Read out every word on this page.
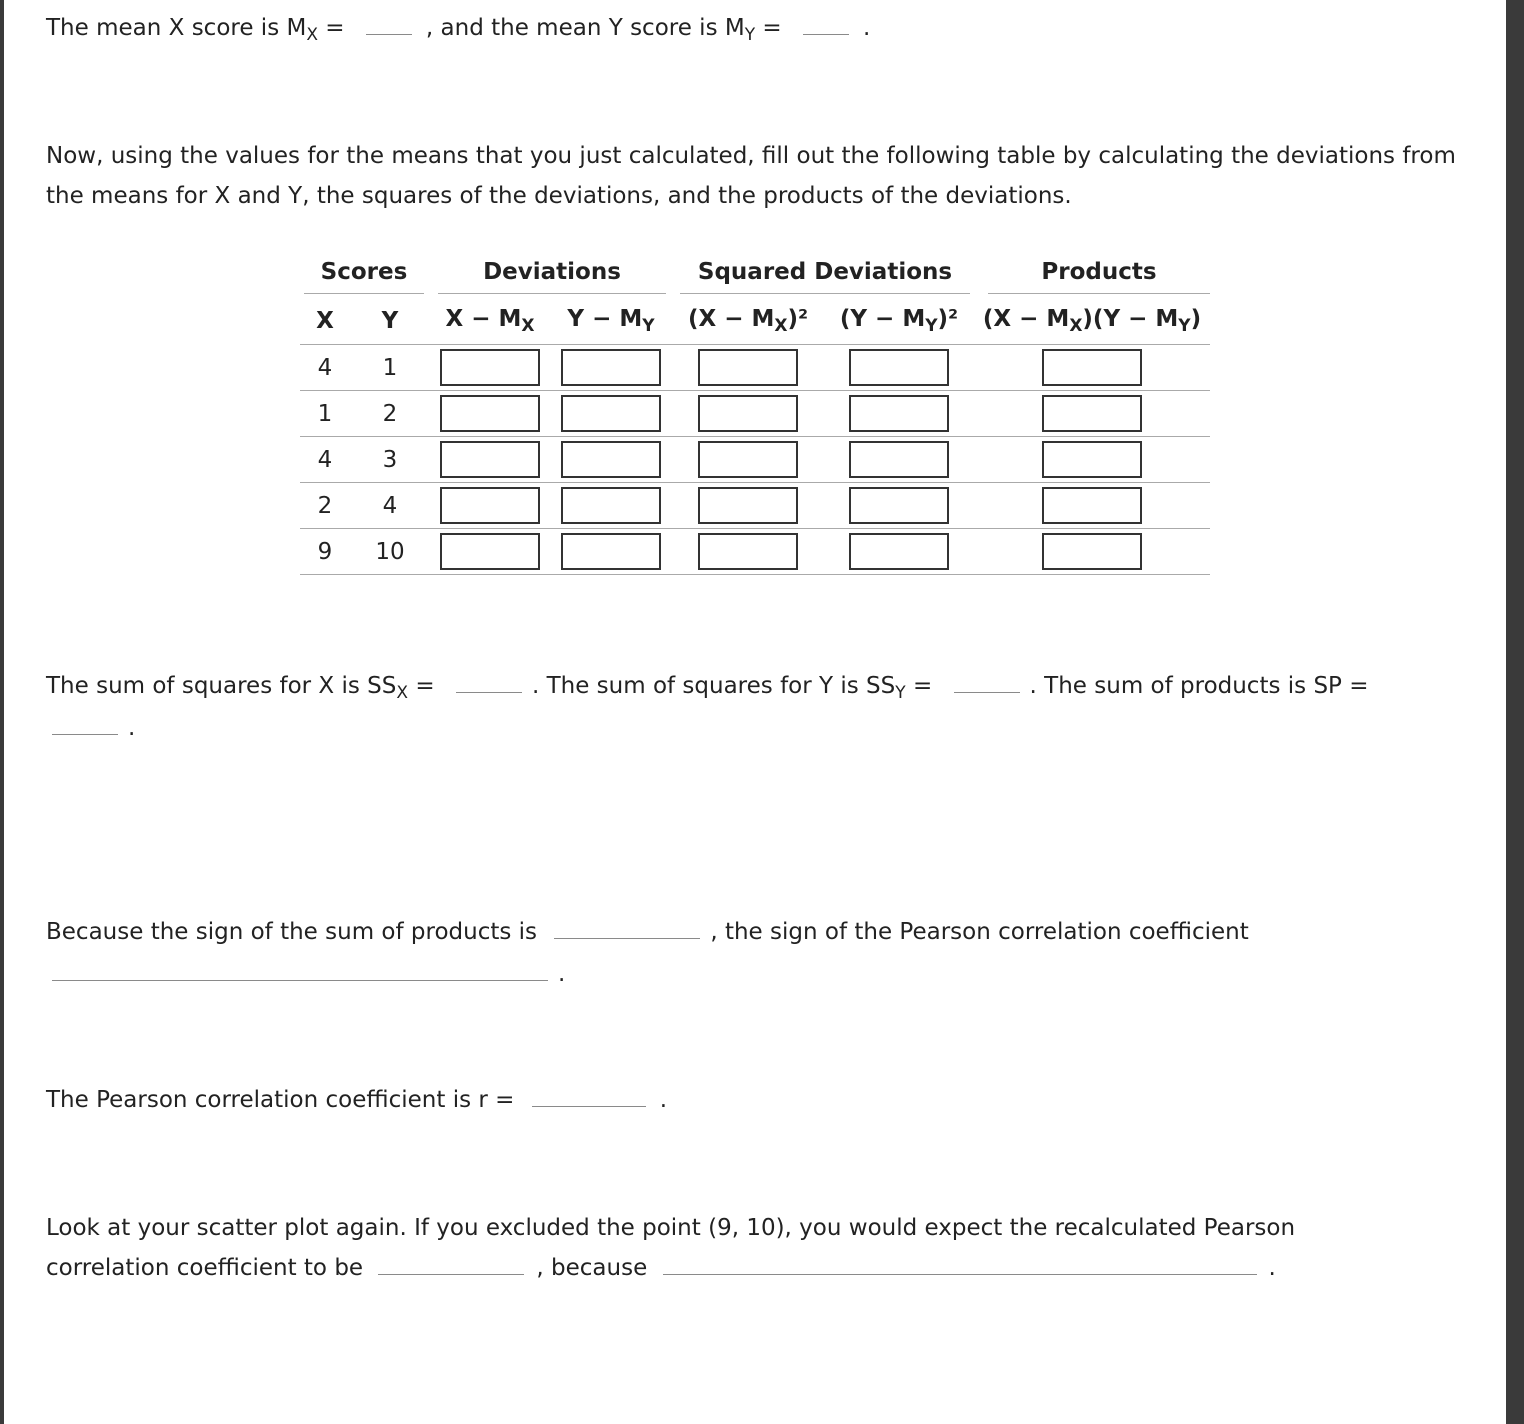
The mean X score is $M_X$ =	, and the mean Y score is $M_Y$ =	.
Now, using the values for the means that you just calculated, fill out the following table by calculating the deviations from the means for X and Y, the squares of the deviations, and the products of the deviations.
Scores		Deviations		Squared Deviations		Products

X	Y	$X - M_X$	$Y - M_Y$	$(X - M_X)^2$	$(Y - M_Y)^2$	$(X - M_X)(Y - M_Y)$
4	1					
1	2					
4	3					
2	4					
9	10					
The sum of squares for X is $SS_X$ =	. The sum of squares for Y is $SS_Y$ =	. The sum of products is SP =
.
Because the sign of the sum of products is	, the sign of the Pearson correlation coefficient
.
The Pearson correlation coefficient is r =	.
Look at your scatter plot again. If you excluded the point (9, 10), you would expect the recalculated Pearson
correlation coefficient to be	, because	.
